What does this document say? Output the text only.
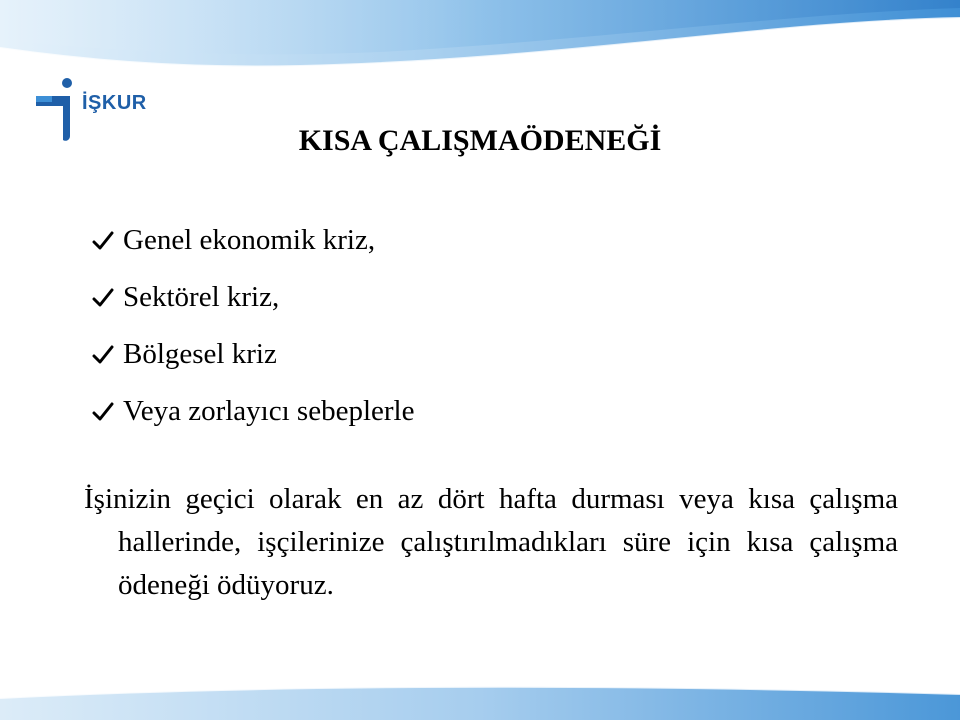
İŞKUR
KISA ÇALIŞMAÖDENEĞİ
Genel ekonomik kriz,
Sektörel kriz,
Bölgesel kriz
Veya zorlayıcı sebeplerle

İşinizin geçici olarak en az dört hafta durması veya kısa çalışma hallerinde, işçilerinize çalıştırılmadıkları süre için kısa çalışma ödeneği ödüyoruz.
